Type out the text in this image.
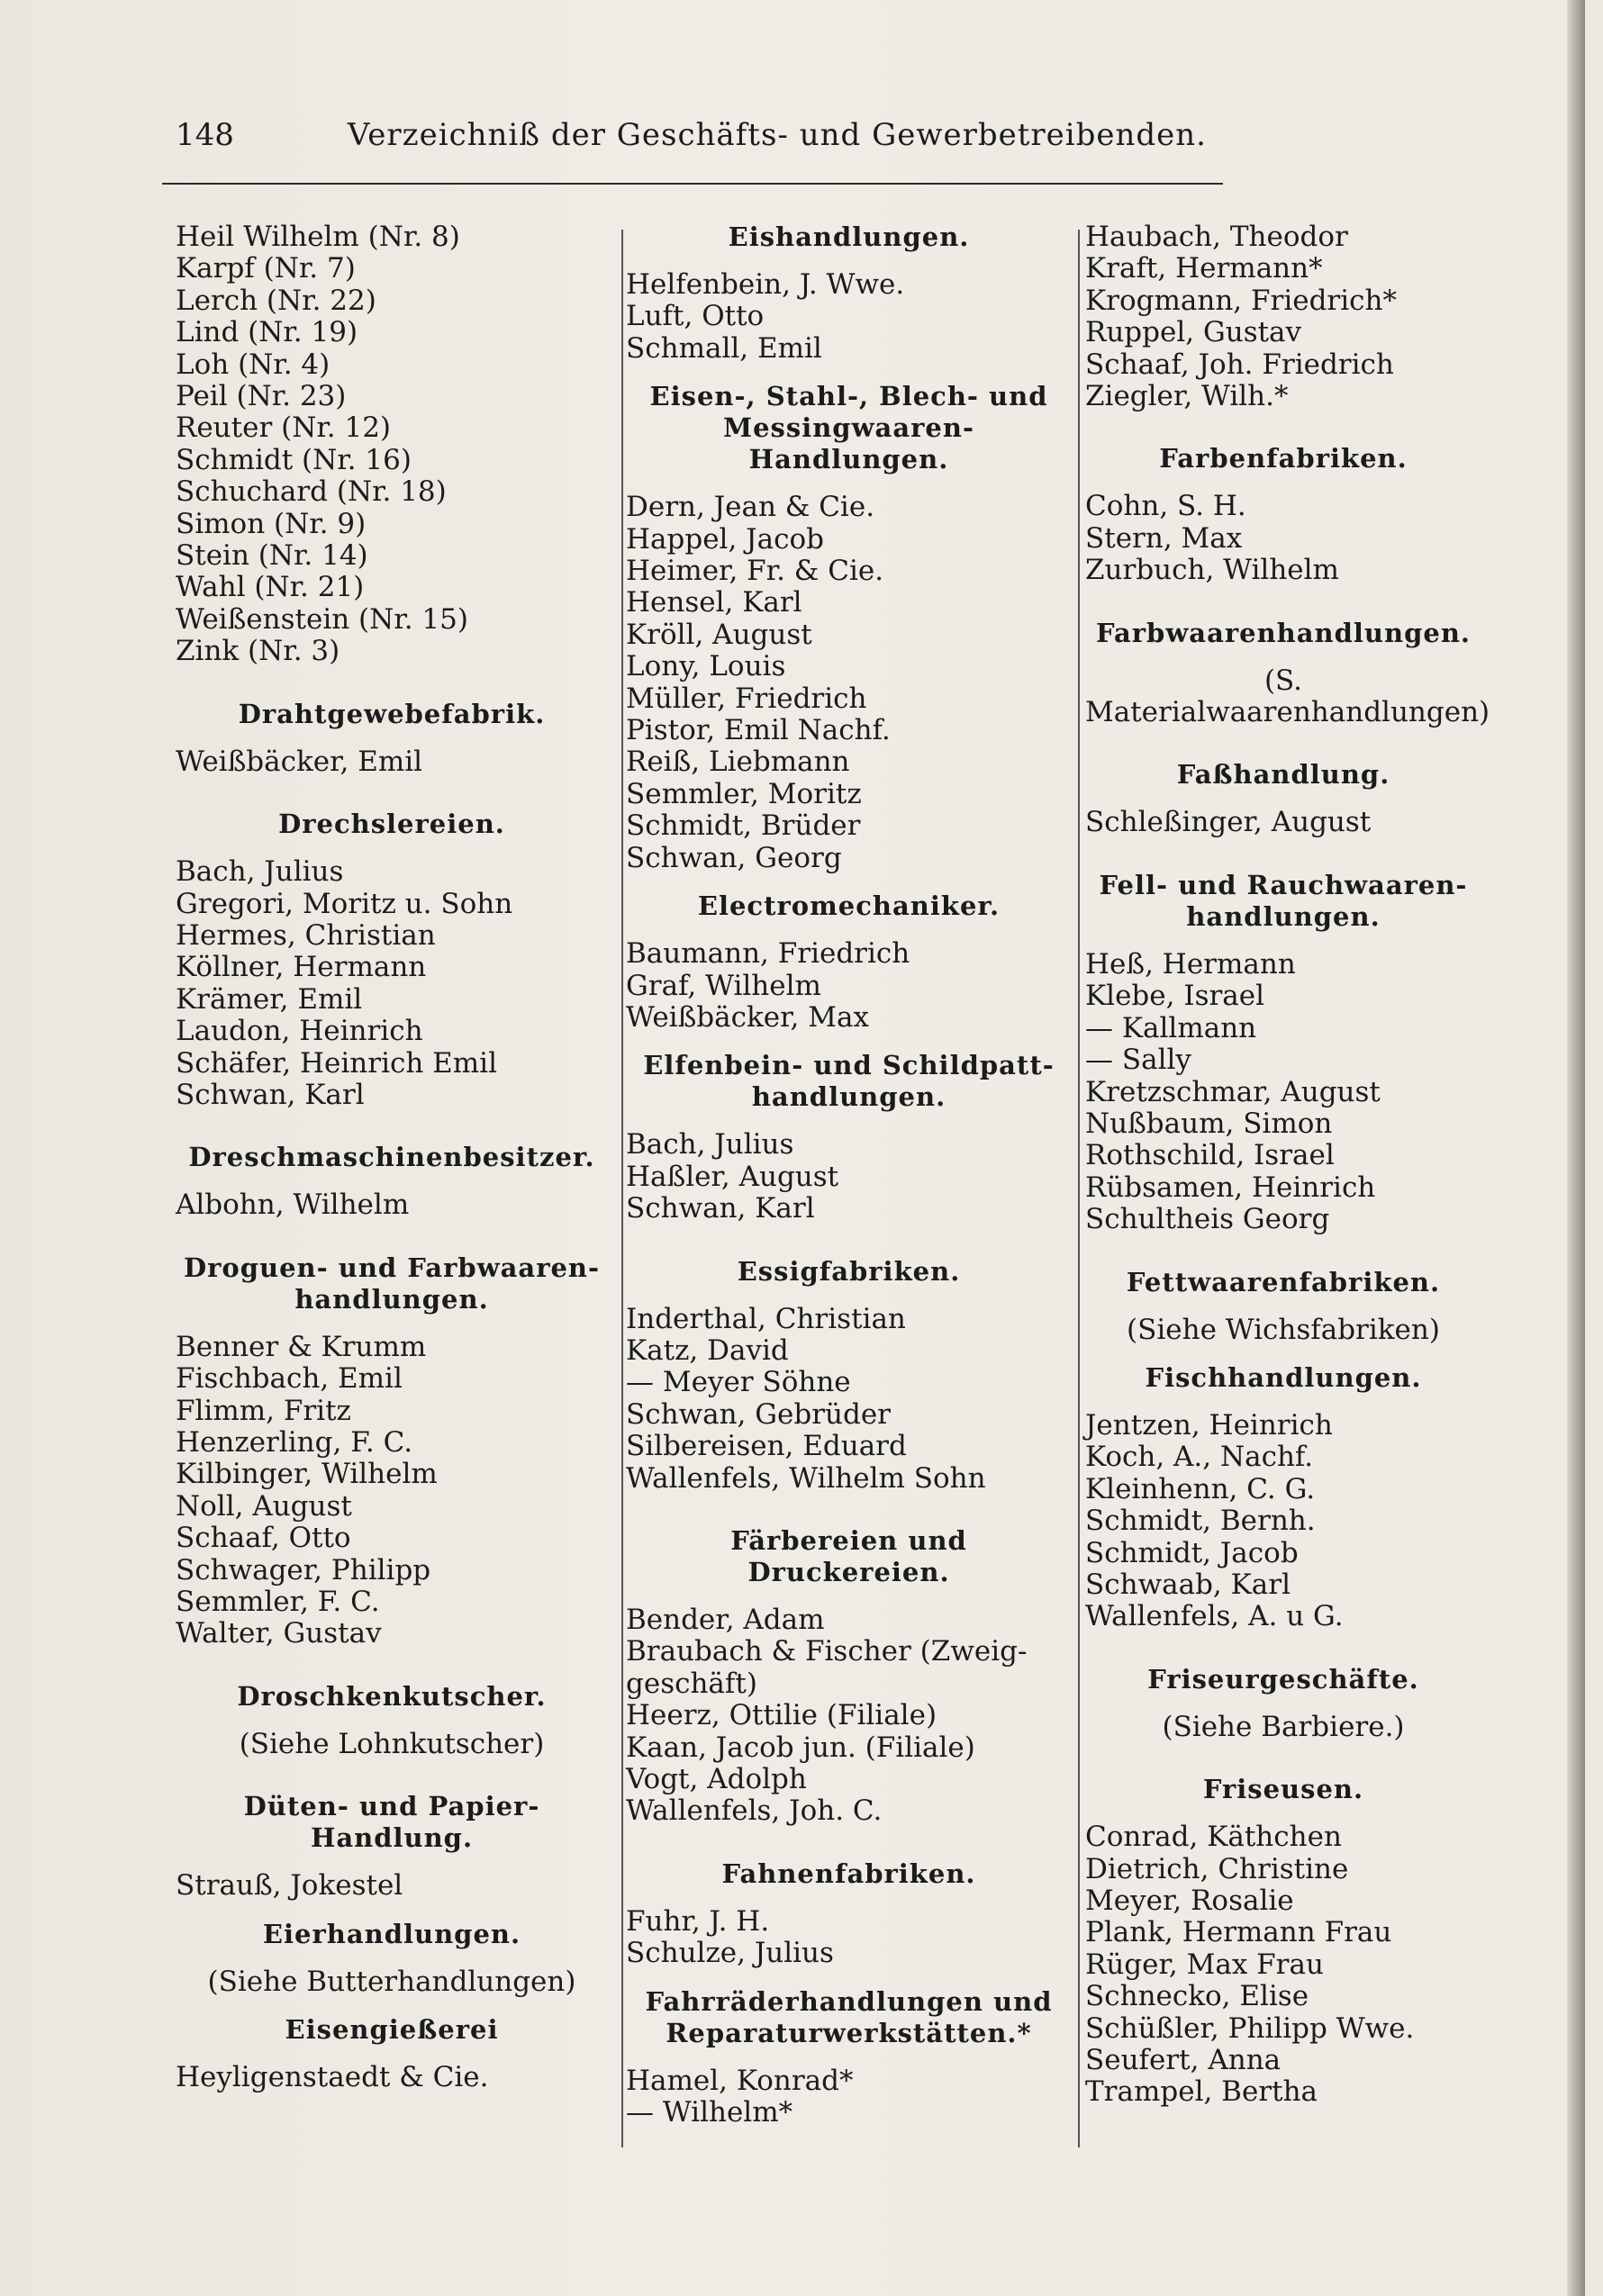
148	Verzeichniß der Geschäfts- und Gewerbetreibenden.
Heil Wilhelm (Nr. 8)
Karpf (Nr. 7)
Lerch (Nr. 22)
Lind (Nr. 19)
Loh (Nr. 4)
Peil (Nr. 23)
Reuter (Nr. 12)
Schmidt (Nr. 16)
Schuchard (Nr. 18)
Simon (Nr. 9)
Stein (Nr. 14)
Wahl (Nr. 21)
Weißenstein (Nr. 15)
Zink (Nr. 3)
Drahtgewebefabrik.
Weißbäcker, Emil
Drechslereien.
Bach, Julius
Gregori, Moritz u. Sohn
Hermes, Christian
Köllner, Hermann
Krämer, Emil
Laudon, Heinrich
Schäfer, Heinrich Emil
Schwan, Karl
Dreschmaschinenbesitzer.
Albohn, Wilhelm
Droguen- und Farbwaaren-
handlungen.
Benner & Krumm
Fischbach, Emil
Flimm, Fritz
Henzerling, F. C.
Kilbinger, Wilhelm
Noll, August
Schaaf, Otto
Schwager, Philipp
Semmler, F. C.
Walter, Gustav
Droschkenkutscher.
(Siehe Lohnkutscher)
Düten- und Papier-Handlung.
Strauß, Jokestel
Eierhandlungen.
(Siehe Butterhandlungen)
Eisengießerei
Heyligenstaedt & Cie.
Eishandlungen.
Helfenbein, J. Wwe.
Luft, Otto
Schmall, Emil
Eisen-, Stahl-, Blech- und
Messingwaaren-Handlungen.
Dern, Jean & Cie.
Happel, Jacob
Heimer, Fr. & Cie.
Hensel, Karl
Kröll, August
Lony, Louis
Müller, Friedrich
Pistor, Emil Nachf.
Reiß, Liebmann
Semmler, Moritz
Schmidt, Brüder
Schwan, Georg
Electromechaniker.
Baumann, Friedrich
Graf, Wilhelm
Weißbäcker, Max
Elfenbein- und Schildpatt-
handlungen.
Bach, Julius
Haßler, August
Schwan, Karl
Essigfabriken.
Inderthal, Christian
Katz, David
— Meyer Söhne
Schwan, Gebrüder
Silbereisen, Eduard
Wallenfels, Wilhelm Sohn
Färbereien und Druckereien.
Bender, Adam
Braubach & Fischer (Zweig-
geschäft)
Heerz, Ottilie (Filiale)
Kaan, Jacob jun. (Filiale)
Vogt, Adolph
Wallenfels, Joh. C.
Fahnenfabriken.
Fuhr, J. H.
Schulze, Julius
Fahrräderhandlungen und
Reparaturwerkstätten.*
Hamel, Konrad*
— Wilhelm*
Haubach, Theodor
Kraft, Hermann*
Krogmann, Friedrich*
Ruppel, Gustav
Schaaf, Joh. Friedrich
Ziegler, Wilh.*
Farbenfabriken.
Cohn, S. H.
Stern, Max
Zurbuch, Wilhelm
Farbwaarenhandlungen.
(S. Materialwaarenhandlungen)
Faßhandlung.
Schleßinger, August
Fell- und Rauchwaaren-
handlungen.
Heß, Hermann
Klebe, Israel
— Kallmann
— Sally
Kretzschmar, August
Nußbaum, Simon
Rothschild, Israel
Rübsamen, Heinrich
Schultheis Georg
Fettwaarenfabriken.
(Siehe Wichsfabriken)
Fischhandlungen.
Jentzen, Heinrich
Koch, A., Nachf.
Kleinhenn, C. G.
Schmidt, Bernh.
Schmidt, Jacob
Schwaab, Karl
Wallenfels, A. u G.
Friseurgeschäfte.
(Siehe Barbiere.)
Friseusen.
Conrad, Käthchen
Dietrich, Christine
Meyer, Rosalie
Plank, Hermann Frau
Rüger, Max Frau
Schnecko, Elise
Schüßler, Philipp Wwe.
Seufert, Anna
Trampel, Bertha
